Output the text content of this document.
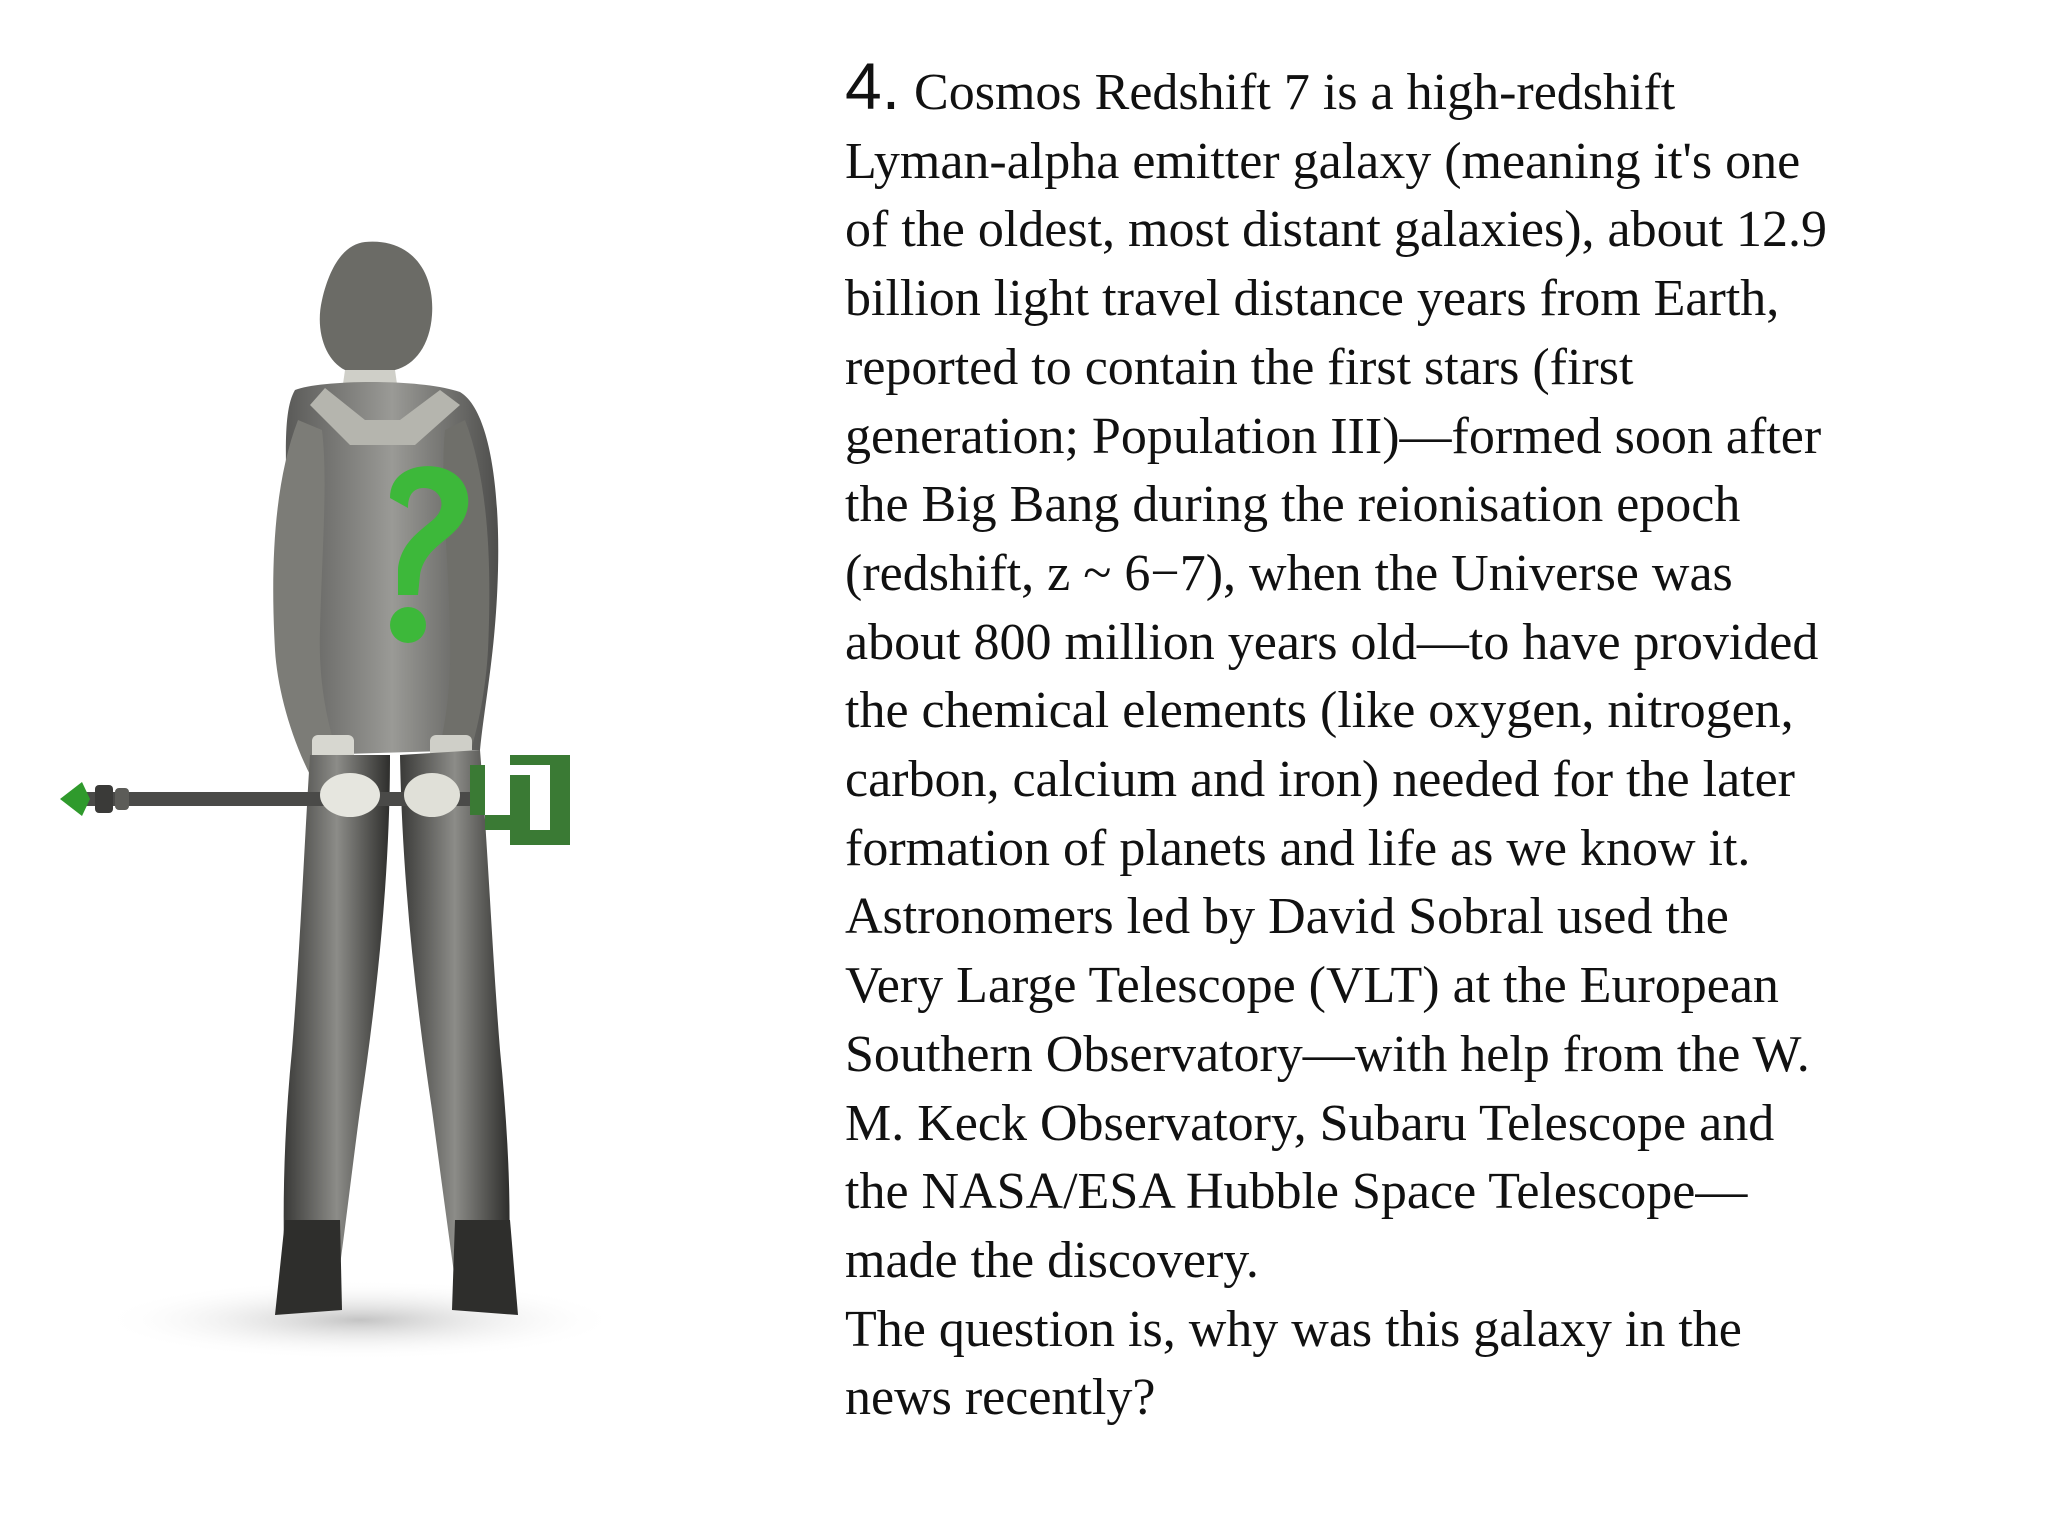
4. Cosmos Redshift 7 is a high-redshift
Lyman-alpha emitter galaxy (meaning it's one
of the oldest, most distant galaxies), about 12.9
billion light travel distance years from Earth,
reported to contain the first stars (first
generation; Population III)—formed soon after
the Big Bang during the reionisation epoch
(redshift, z ~ 6−7), when the Universe was
about 800 million years old—to have provided
the chemical elements (like oxygen, nitrogen,
carbon, calcium and iron) needed for the later
formation of planets and life as we know it.
Astronomers led by David Sobral used the
Very Large Telescope (VLT) at the European
Southern Observatory—with help from the W.
M. Keck Observatory, Subaru Telescope and
the NASA/ESA Hubble Space Telescope—
made the discovery.
The question is, why was this galaxy in the
news recently?
